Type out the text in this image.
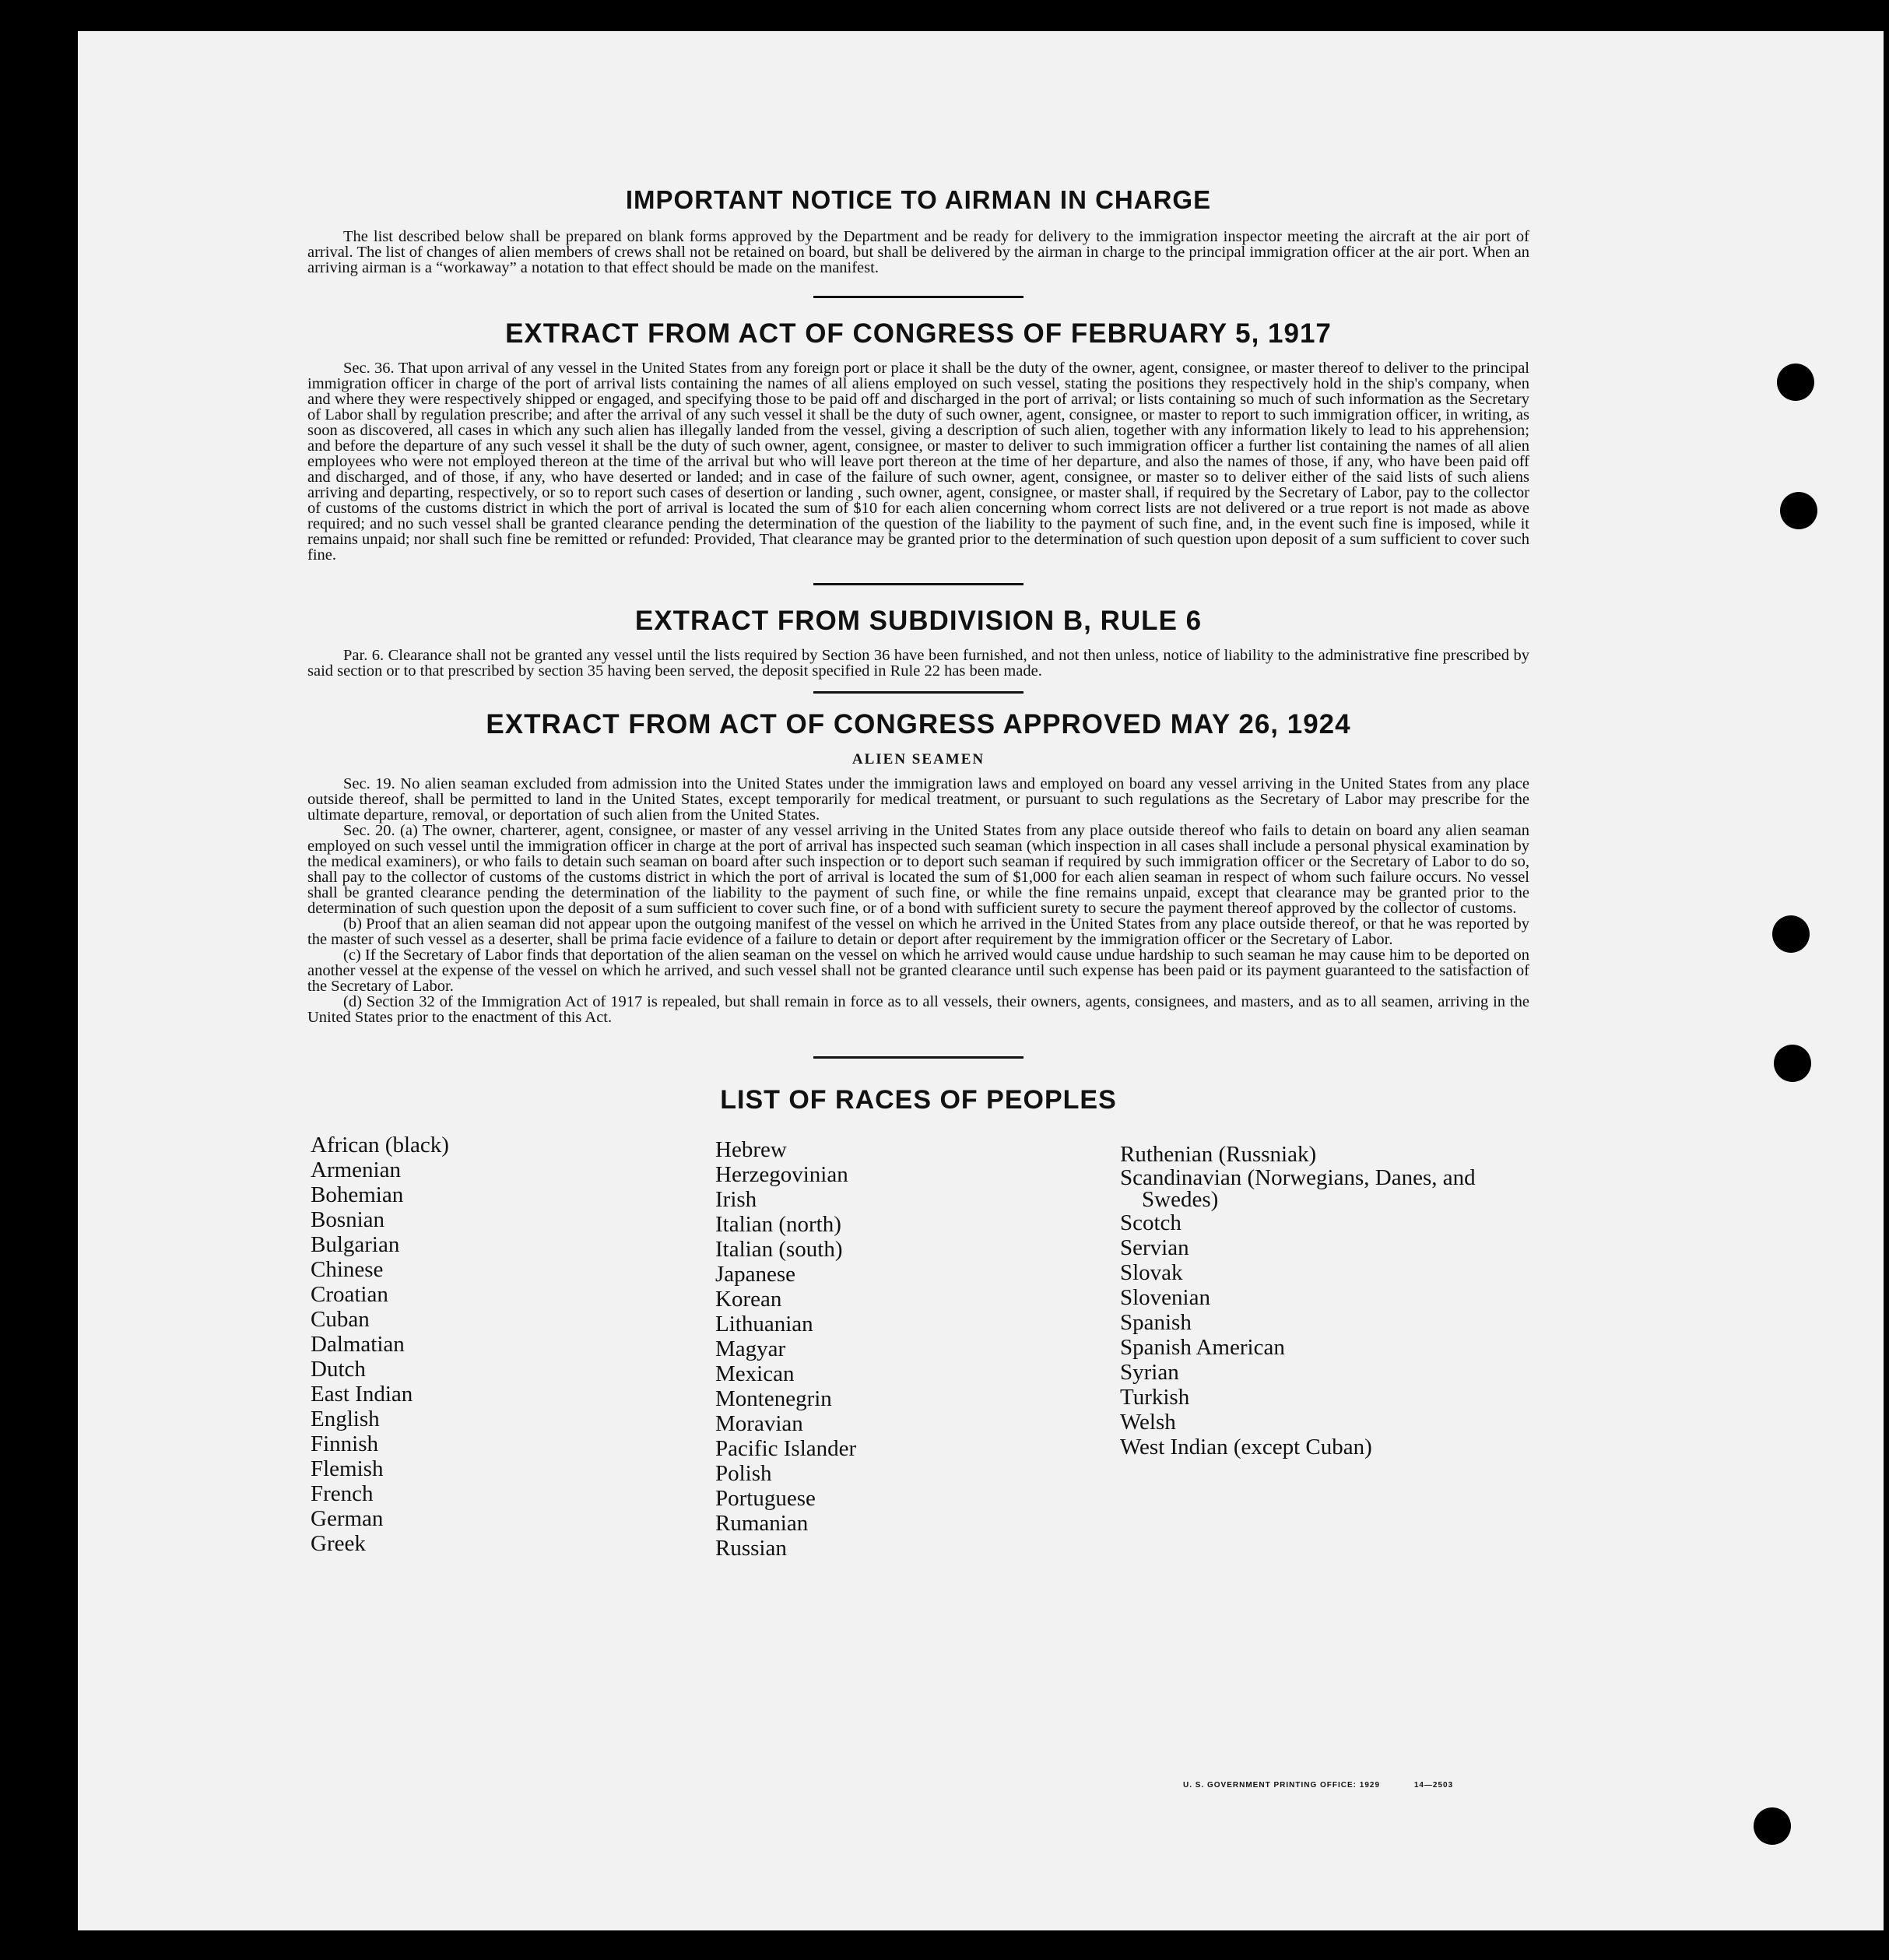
IMPORTANT NOTICE TO AIRMAN IN CHARGE

The list described below shall be prepared on blank forms approved by the Department and be ready for delivery to the immigration inspector meeting the aircraft at the air port of arrival. The list of changes of alien members of crews shall not be retained on board, but shall be delivered by the airman in charge to the principal immigration officer at the air port. When an arriving airman is a “workaway” a notation to that effect should be made on the manifest.

EXTRACT FROM ACT OF CONGRESS OF FEBRUARY 5, 1917

Sec. 36. That upon arrival of any vessel in the United States from any foreign port or place it shall be the duty of the owner, agent, consignee, or master thereof to deliver to the principal immigration officer in charge of the port of arrival lists containing the names of all aliens employed on such vessel, stating the positions they respectively hold in the ship's company, when and where they were respectively shipped or engaged, and specifying those to be paid off and discharged in the port of arrival; or lists containing so much of such information as the Secretary of Labor shall by regulation prescribe; and after the arrival of any such vessel it shall be the duty of such owner, agent, consignee, or master to report to such immigration officer, in writing, as soon as discovered, all cases in which any such alien has illegally landed from the vessel, giving a description of such alien, together with any information likely to lead to his apprehension; and before the departure of any such vessel it shall be the duty of such owner, agent, consignee, or master to deliver to such immigration officer a further list containing the names of all alien employees who were not employed thereon at the time of the arrival but who will leave port thereon at the time of her departure, and also the names of those, if any, who have been paid off and discharged, and of those, if any, who have deserted or landed; and in case of the failure of such owner, agent, consignee, or master so to deliver either of the said lists of such aliens arriving and departing, respectively, or so to report such cases of desertion or landing , such owner, agent, consignee, or master shall, if required by the Secretary of Labor, pay to the collector of customs of the customs district in which the port of arrival is located the sum of $10 for each alien concerning whom correct lists are not delivered or a true report is not made as above required; and no such vessel shall be granted clearance pending the determination of the question of the liability to the payment of such fine, and, in the event such fine is imposed, while it remains unpaid; nor shall such fine be remitted or refunded: Provided, That clearance may be granted prior to the determination of such question upon deposit of a sum sufficient to cover such fine.

EXTRACT FROM SUBDIVISION B, RULE 6

Par. 6. Clearance shall not be granted any vessel until the lists required by Section 36 have been furnished, and not then unless, notice of liability to the administrative fine prescribed by said section or to that prescribed by section 35 having been served, the deposit specified in Rule 22 has been made.

EXTRACT FROM ACT OF CONGRESS APPROVED MAY 26, 1924
ALIEN SEAMEN

Sec. 19. No alien seaman excluded from admission into the United States under the immigration laws and employed on board any vessel arriving in the United States from any place outside thereof, shall be permitted to land in the United States, except temporarily for medical treatment, or pursuant to such regulations as the Secretary of Labor may prescribe for the ultimate departure, removal, or deportation of such alien from the United States.

Sec. 20. (a) The owner, charterer, agent, consignee, or master of any vessel arriving in the United States from any place outside thereof who fails to detain on board any alien seaman employed on such vessel until the immigration officer in charge at the port of arrival has inspected such seaman (which inspection in all cases shall include a personal physical examination by the medical examiners), or who fails to detain such seaman on board after such inspection or to deport such seaman if required by such immigration officer or the Secretary of Labor to do so, shall pay to the collector of customs of the customs district in which the port of arrival is located the sum of $1,000 for each alien seaman in respect of whom such failure occurs. No vessel shall be granted clearance pending the determination of the liability to the payment of such fine, or while the fine remains unpaid, except that clearance may be granted prior to the determination of such question upon the deposit of a sum sufficient to cover such fine, or of a bond with sufficient surety to secure the payment thereof approved by the collector of customs.

(b) Proof that an alien seaman did not appear upon the outgoing manifest of the vessel on which he arrived in the United States from any place outside thereof, or that he was reported by the master of such vessel as a deserter, shall be prima facie evidence of a failure to detain or deport after requirement by the immigration officer or the Secretary of Labor.

(c) If the Secretary of Labor finds that deportation of the alien seaman on the vessel on which he arrived would cause undue hardship to such seaman he may cause him to be deported on another vessel at the expense of the vessel on which he arrived, and such vessel shall not be granted clearance until such expense has been paid or its payment guaranteed to the satisfaction of the Secretary of Labor.

(d) Section 32 of the Immigration Act of 1917 is repealed, but shall remain in force as to all vessels, their owners, agents, consignees, and masters, and as to all seamen, arriving in the United States prior to the enactment of this Act.

LIST OF RACES OF PEOPLES
African (black)
Armenian
Bohemian
Bosnian
Bulgarian
Chinese
Croatian
Cuban
Dalmatian
Dutch
East Indian
English
Finnish
Flemish
French
German
Greek
Hebrew
Herzegovinian
Irish
Italian (north)
Italian (south)
Japanese
Korean
Lithuanian
Magyar
Mexican
Montenegrin
Moravian
Pacific Islander
Polish
Portuguese
Rumanian
Russian
Ruthenian (Russniak)
Scandinavian (Norwegians, Danes, and Swedes)
Scotch
Servian
Slovak
Slovenian
Spanish
Spanish American
Syrian
Turkish
Welsh
West Indian (except Cuban)
U. S. GOVERNMENT PRINTING OFFICE: 1929	14—2503
